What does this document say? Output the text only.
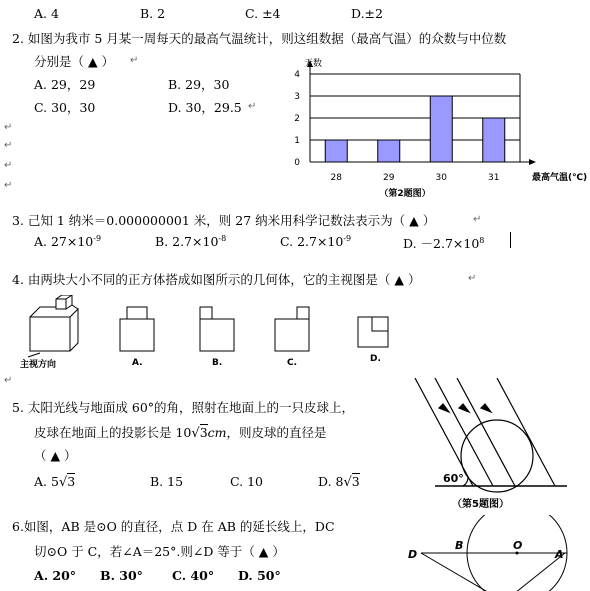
A. 4	B. 2	C. ±4	D.±2
2. 如图为我市 5 月某一周每天的最高气温统计，则这组数据（最高气温）的众数与中位数
分别是（ ▲ ） ↵
A. 29，29	B. 29，30
C. 30，30	D. 30，29.5 ↵
↵
↵
↵
↵
28	29	30	31
0
1
2
3
4
天数
最高气温(℃)
（第2题图）
3. 己知 1 纳米＝0.000000001 米，则 27 纳米用科学记数法表示为（ ▲ ）	↵
A. $27\times 10^{-9}$	B. $2.7\times 10^{-8}$	C. $2.7\times 10^{-9}$	D. $-2.7\times 10^8$
4. 由两块大小不同的正方体搭成如图所示的几何体，它的主视图是（ ▲ ）	↵
主视方向	A.	B.	C.	D.
↵
5. 太阳光线与地面成 60°的角，照射在地面上的一只皮球上，
皮球在地面上的投影长是 10√3cm，则皮球的直径是
（ ▲ ）
A. 5√3	B. 15	C. 10	D. 8√3	60°
（第5题图）
6.如图，AB 是⊙O 的直径，点 D 在 AB 的延长线上，DC
切⊙O 于 C，若∠A＝25°.则∠D 等于（ ▲ ）
A. 20° B. 30° C. 40° D. 50°
D
B	O
A
